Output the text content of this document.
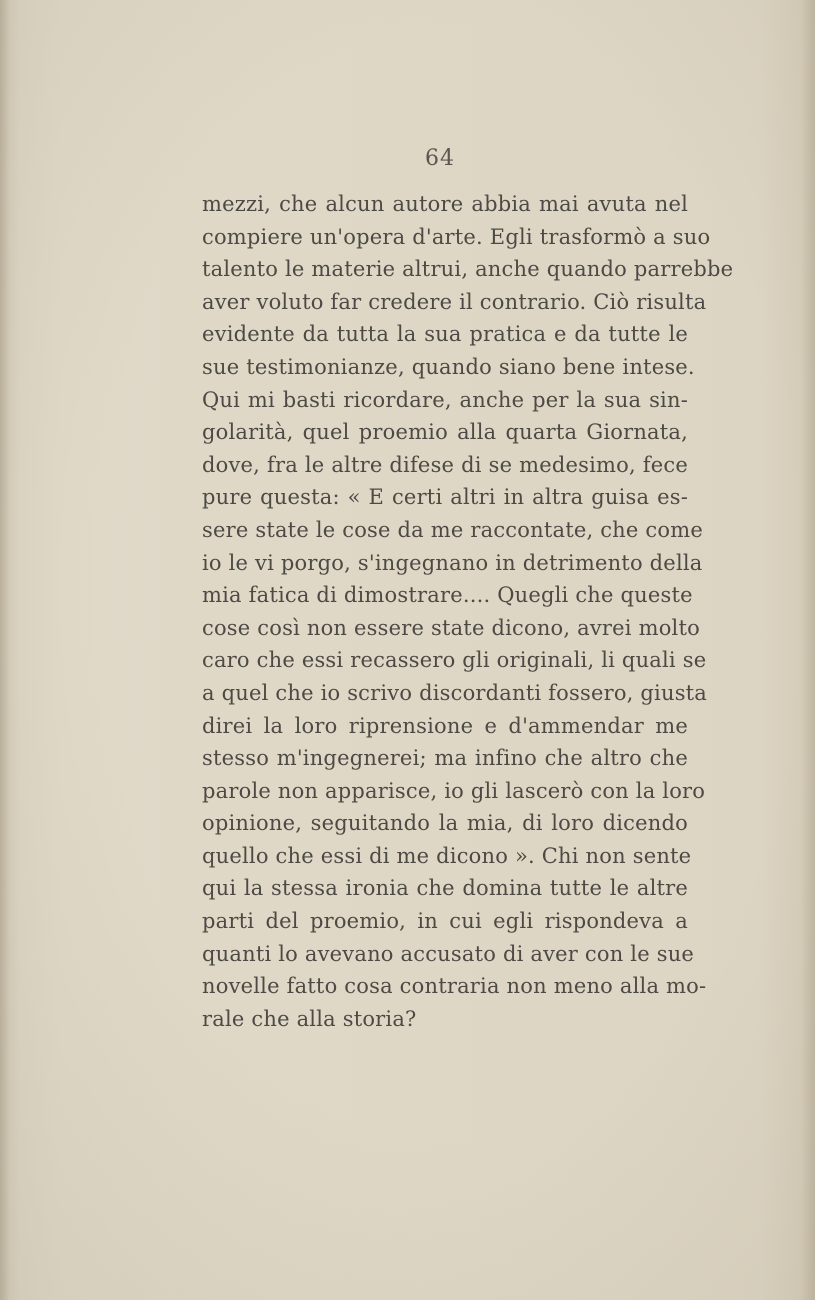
64
mezzi, che alcun autore abbia mai avuta nel
compiere un'opera d'arte. Egli trasformò a suo
talento le materie altrui, anche quando parrebbe
aver voluto far credere il contrario. Ciò risulta
evidente da tutta la sua pratica e da tutte le
sue testimonianze, quando siano bene intese.
Qui mi basti ricordare, anche per la sua sin-
golarità, quel proemio alla quarta Giornata,
dove, fra le altre difese di se medesimo, fece
pure questa: « E certi altri in altra guisa es-
sere state le cose da me raccontate, che come
io le vi porgo, s'ingegnano in detrimento della
mia fatica di dimostrare.... Quegli che queste
cose così non essere state dicono, avrei molto
caro che essi recassero gli originali, li quali se
a quel che io scrivo discordanti fossero, giusta
direi la loro riprensione e d'ammendar me
stesso m'ingegnerei; ma infino che altro che
parole non apparisce, io gli lascerò con la loro
opinione, seguitando la mia, di loro dicendo
quello che essi di me dicono ». Chi non sente
qui la stessa ironia che domina tutte le altre
parti del proemio, in cui egli rispondeva a
quanti lo avevano accusato di aver con le sue
novelle fatto cosa contraria non meno alla mo-
rale che alla storia?
